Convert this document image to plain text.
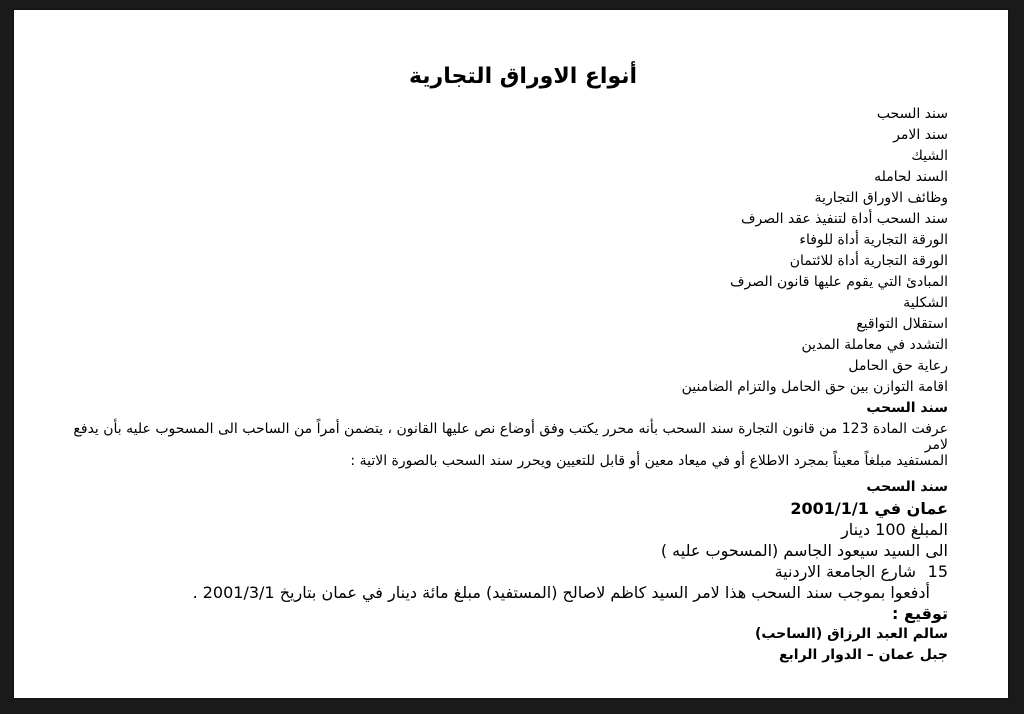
أنواع الاوراق التجارية
سند السحب
سند الامر
الشيك
السند لحامله
وظائف الاوراق التجارية
سند السحب أداة لتنفيذ عقد الصرف
الورقة التجارية أداة للوفاء
الورقة التجارية أداة للائتمان
المبادئ التي يقوم عليها قانون الصرف
الشكلية
استقلال التواقيع
التشدد في معاملة المدين
رعاية حق الحامل
اقامة التوازن بين حق الحامل والتزام الضامنين
سند السحب
عرفت المادة 123 من قانون التجارة سند السحب بأنه محرر يكتب وفق أوضاع نص عليها القانون ، يتضمن أمراً من الساحب الى المسحوب عليه بأن يدفع لامر
المستفيد مبلغاً معيناً بمجرد الاطلاع أو في ميعاد معين أو قابل للتعيين ويحرر سند السحب بالصورة الاتية :
سند السحب
عمان في 2001/1/1
المبلغ 100 دينار
الى السيد سيعود الجاسم (المسحوب عليه )
15شارع الجامعة الاردنية
أدفعوا بموجب سند السحب هذا لامر السيد كاظم لاصالح (المستفيد) مبلغ مائة دينار في عمان بتاريخ 2001/3/1 .
توقيع :
سالم العبد الرزاق (الساحب)
جبل عمان – الدوار الرابع
